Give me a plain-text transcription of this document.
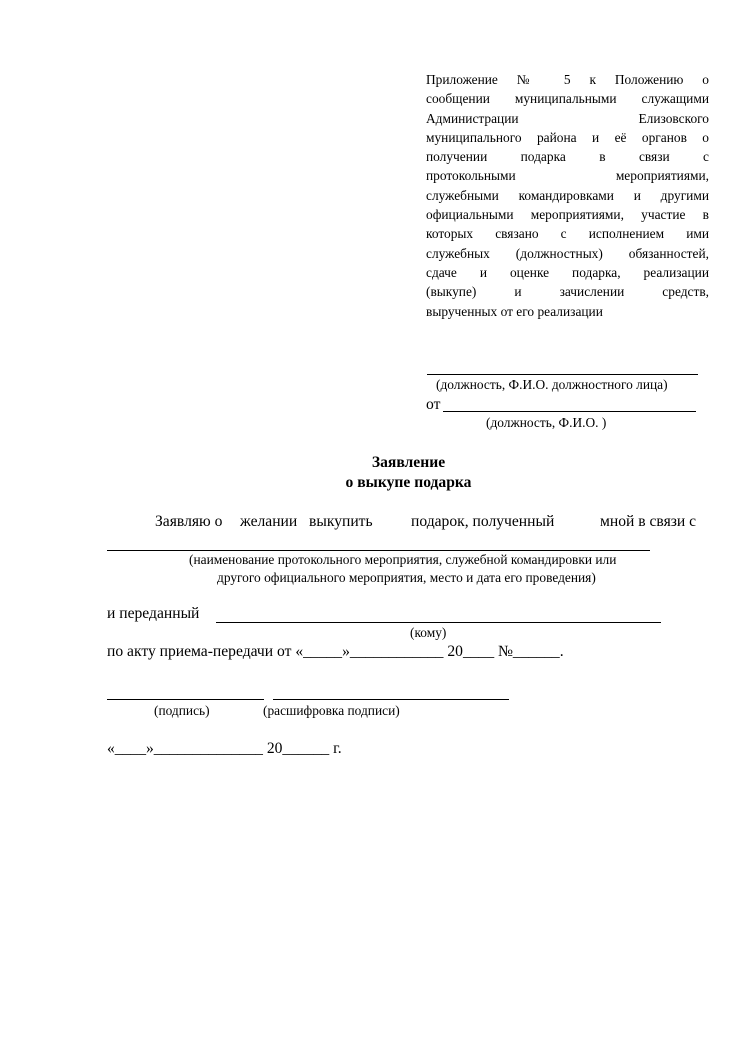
Приложение № 5 к Положению о
сообщении муниципальными служащими
Администрации Елизовского
муниципального района и её органов о
получении подарка в связи с
протокольными мероприятиями,
служебными командировками и другими
официальными мероприятиями, участие в
которых связано с исполнением ими
служебных (должностных) обязанностей,
сдаче и оценке подарка, реализации
(выкупе) и зачислении средств,
вырученных от его реализации
(должность, Ф.И.О. должностного лица)
от
(должность, Ф.И.О. )
Заявление
о выкупе подарка
Заявляю о желании выкупить подарок, полученный	мной в связи с
(наименование протокольного мероприятия, служебной командировки или
другого официального мероприятия, место и дата его проведения)
и переданный
(кому)
по акту приема-передачи от «_____»____________ 20____ №______.
(подпись)	(расшифровка подписи)
«____»______________ 20______ г.
